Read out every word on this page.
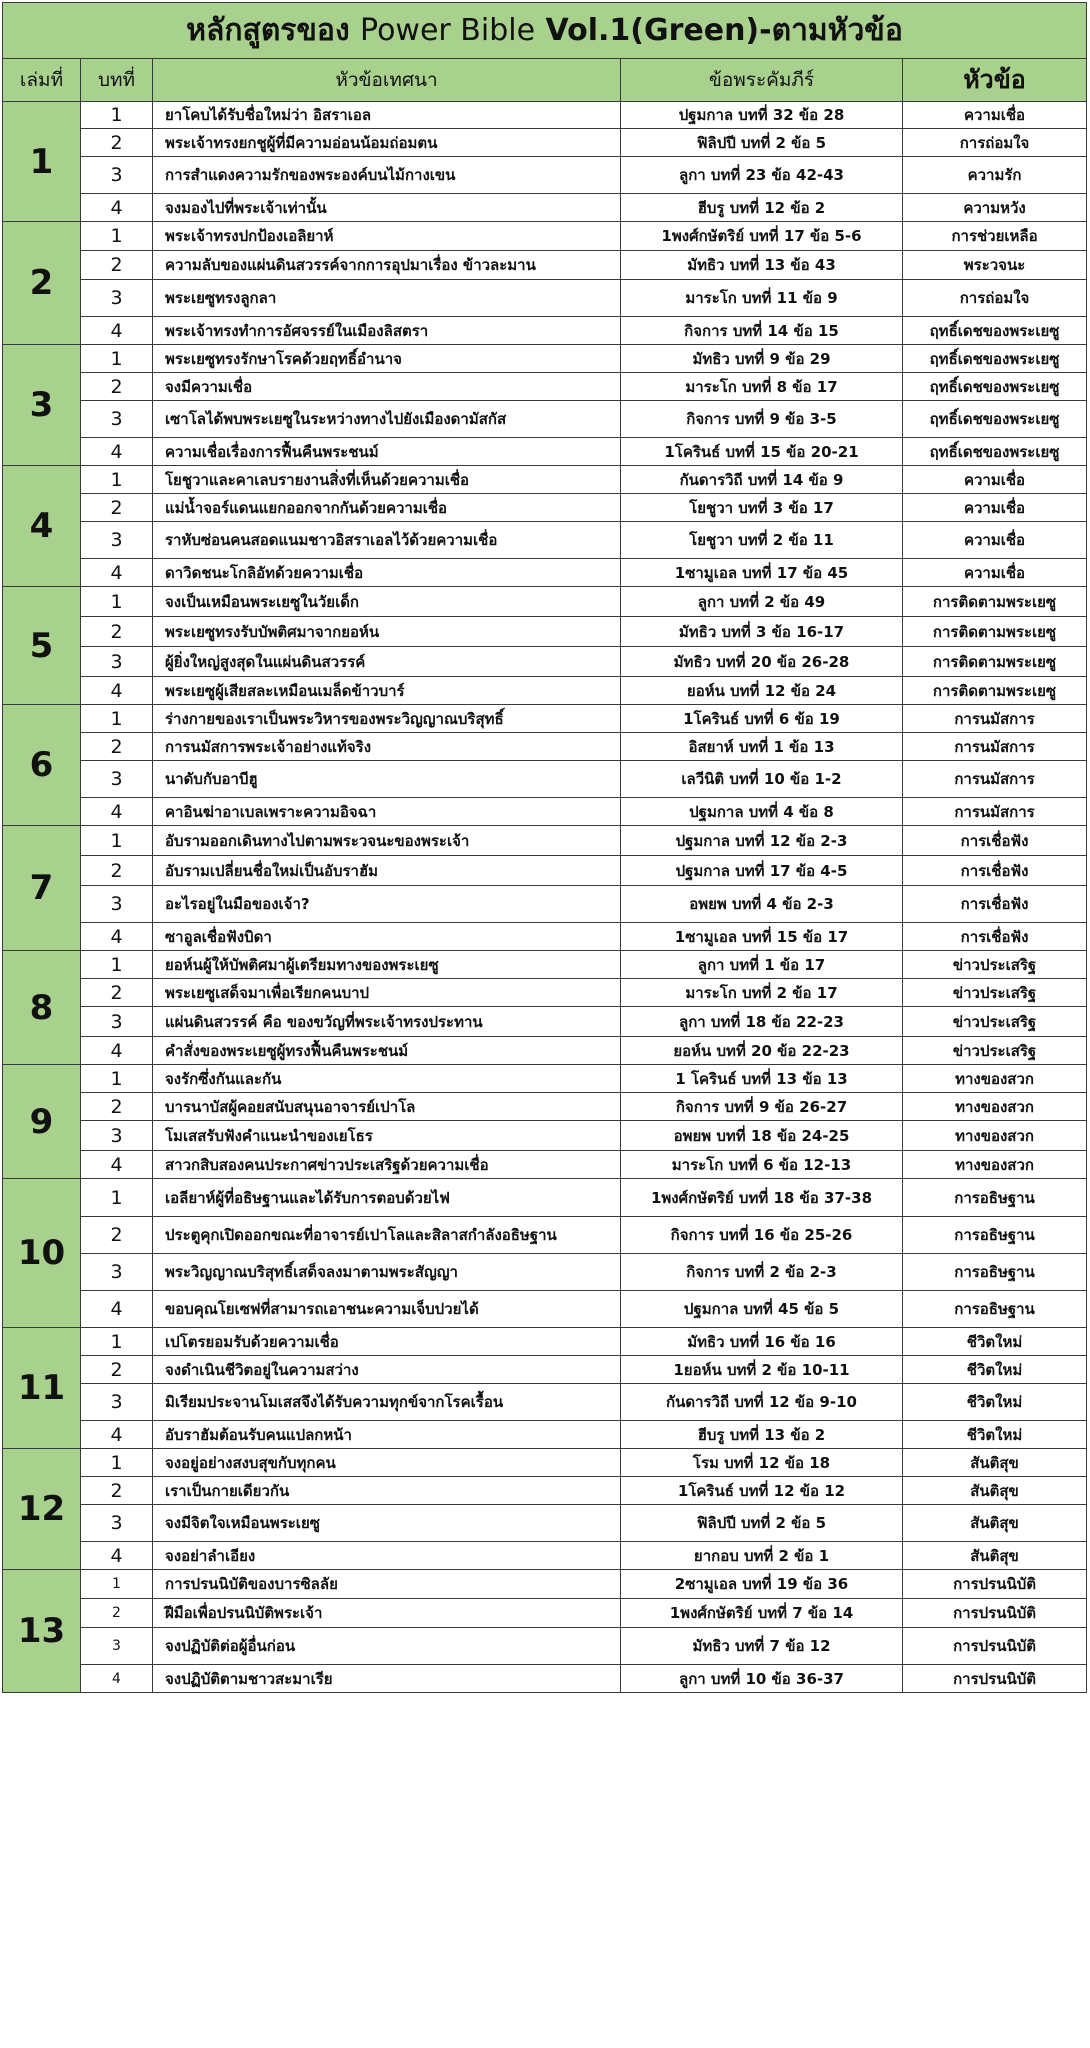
หลักสูตรของ Power Bible Vol.1(Green)-ตามหัวข้อ				
เล่มที่	บทที่	หัวข้อเทศนา	ข้อพระคัมภีร์	หัวข้อ
1	1	ยาโคบได้รับชื่อใหม่ว่า อิสราเอล	ปฐมกาล บทที่ 32 ข้อ 28	ความเชื่อ
	2	พระเจ้าทรงยกชูผู้ที่มีความอ่อนน้อมถ่อมตน	ฟิลิปปี บทที่ 2 ข้อ 5	การถ่อมใจ
	3	การสำแดงความรักของพระองค์บนไม้กางเขน	ลูกา บทที่ 23 ข้อ 42-43	ความรัก
	4	จงมองไปที่พระเจ้าเท่านั้น	ฮีบรู บทที่ 12 ข้อ 2	ความหวัง
2	1	พระเจ้าทรงปกป้องเอลิยาห์	1พงศ์กษัตริย์ บทที่ 17 ข้อ 5-6	การช่วยเหลือ
	2	ความลับของแผ่นดินสวรรค์จากการอุปมาเรื่อง ข้าวละมาน	มัทธิว บทที่ 13 ข้อ 43	พระวจนะ
	3	พระเยซูทรงลูกลา	มาระโก บทที่ 11 ข้อ 9	การถ่อมใจ
	4	พระเจ้าทรงทำการอัศจรรย์ในเมืองลิสตรา	กิจการ บทที่ 14 ข้อ 15	ฤทธิ์เดชของพระเยซู
3	1	พระเยซูทรงรักษาโรคด้วยฤทธิ์อำนาจ	มัทธิว บทที่ 9 ข้อ 29	ฤทธิ์เดชของพระเยซู
	2	จงมีความเชื่อ	มาระโก บทที่ 8 ข้อ 17	ฤทธิ์เดชของพระเยซู
	3	เซาโลได้พบพระเยซูในระหว่างทางไปยังเมืองดามัสกัส	กิจการ บทที่ 9 ข้อ 3-5	ฤทธิ์เดชของพระเยซู
	4	ความเชื่อเรื่องการฟื้นคืนพระชนม์	1โครินธ์ บทที่ 15 ข้อ 20-21	ฤทธิ์เดชของพระเยซู
4	1	โยชูวาและคาเลบรายงานสิ่งที่เห็นด้วยความเชื่อ	กันดารวิถี บทที่ 14 ข้อ 9	ความเชื่อ
	2	แม่น้ำจอร์แดนแยกออกจากกันด้วยความเชื่อ	โยชูวา บทที่ 3 ข้อ 17	ความเชื่อ
	3	ราหับซ่อนคนสอดแนมชาวอิสราเอลไว้ด้วยความเชื่อ	โยชูวา บทที่ 2 ข้อ 11	ความเชื่อ
	4	ดาวิดชนะโกลิอัทด้วยความเชื่อ	1ซามูเอล บทที่ 17 ข้อ 45	ความเชื่อ
5	1	จงเป็นเหมือนพระเยซูในวัยเด็ก	ลูกา บทที่ 2 ข้อ 49	การติดตามพระเยซู
	2	พระเยซูทรงรับบัพติศมาจากยอห์น	มัทธิว บทที่ 3 ข้อ 16-17	การติดตามพระเยซู
	3	ผู้ยิ่งใหญ่สูงสุดในแผ่นดินสวรรค์	มัทธิว บทที่ 20 ข้อ 26-28	การติดตามพระเยซู
	4	พระเยซูผู้เสียสละเหมือนเมล็ดข้าวบาร์	ยอห์น บทที่ 12 ข้อ 24	การติดตามพระเยซู
6	1	ร่างกายของเราเป็นพระวิหารของพระวิญญาณบริสุทธิ์	1โครินธ์ บทที่ 6 ข้อ 19	การนมัสการ
	2	การนมัสการพระเจ้าอย่างแท้จริง	อิสยาห์ บทที่ 1 ข้อ 13	การนมัสการ
	3	นาดับกับอาบีฮู	เลวีนิติ บทที่ 10 ข้อ 1-2	การนมัสการ
	4	คาอินฆ่าอาเบลเพราะความอิจฉา	ปฐมกาล บทที่ 4 ข้อ 8	การนมัสการ
7	1	อับรามออกเดินทางไปตามพระวจนะของพระเจ้า	ปฐมกาล บทที่ 12 ข้อ 2-3	การเชื่อฟัง
	2	อับรามเปลี่ยนชื่อใหม่เป็นอับราฮัม	ปฐมกาล บทที่ 17 ข้อ 4-5	การเชื่อฟัง
	3	อะไรอยู่ในมือของเจ้า?	อพยพ บทที่ 4 ข้อ 2-3	การเชื่อฟัง
	4	ซาอูลเชื่อฟังบิดา	1ซามูเอล บทที่ 15 ข้อ 17	การเชื่อฟัง
8	1	ยอห์นผู้ให้บัพติศมาผู้เตรียมทางของพระเยซู	ลูกา บทที่ 1 ข้อ 17	ข่าวประเสริฐ
	2	พระเยซูเสด็จมาเพื่อเรียกคนบาป	มาระโก บทที่ 2 ข้อ 17	ข่าวประเสริฐ
	3	แผ่นดินสวรรค์ คือ ของขวัญที่พระเจ้าทรงประทาน	ลูกา บทที่ 18 ข้อ 22-23	ข่าวประเสริฐ
	4	คำสั่งของพระเยซูผู้ทรงฟื้นคืนพระชนม์	ยอห์น บทที่ 20 ข้อ 22-23	ข่าวประเสริฐ
9	1	จงรักซึ่งกันและกัน	1 โครินธ์ บทที่ 13 ข้อ 13	ทางของสวก
	2	บารนาบัสผู้คอยสนับสนุนอาจารย์เปาโล	กิจการ บทที่ 9 ข้อ 26-27	ทางของสวก
	3	โมเสสรับฟังคำแนะนำของเยโธร	อพยพ บทที่ 18 ข้อ 24-25	ทางของสวก
	4	สาวกสิบสองคนประกาศข่าวประเสริฐด้วยความเชื่อ	มาระโก บทที่ 6 ข้อ 12-13	ทางของสวก
10	1	เอลียาห์ผู้ที่อธิษฐานและได้รับการตอบด้วยไฟ	1พงศ์กษัตริย์ บทที่ 18 ข้อ 37-38	การอธิษฐาน
	2	ประตูคุกเปิดออกขณะที่อาจารย์เปาโลและสิลาสกำลังอธิษฐาน	กิจการ บทที่ 16 ข้อ 25-26	การอธิษฐาน
	3	พระวิญญาณบริสุทธิ์เสด็จลงมาตามพระสัญญา	กิจการ บทที่ 2 ข้อ 2-3	การอธิษฐาน
	4	ขอบคุณโยเซฟที่สามารถเอาชนะความเจ็บปวยได้	ปฐมกาล บทที่ 45 ข้อ 5	การอธิษฐาน
11	1	เปโตรยอมรับด้วยความเชื่อ	มัทธิว บทที่ 16 ข้อ 16	ชีวิตใหม่
	2	จงดำเนินชีวิตอยู่ในความสว่าง	1ยอห์น บทที่ 2 ข้อ 10-11	ชีวิตใหม่
	3	มิเรียมประจานโมเสสจึงได้รับความทุกข์จากโรคเรื้อน	กันดารวิถี บทที่ 12 ข้อ 9-10	ชีวิตใหม่
	4	อับราฮัมต้อนรับคนแปลกหน้า	ฮีบรู บทที่ 13 ข้อ 2	ชีวิตใหม่
12	1	จงอยู่อย่างสงบสุขกับทุกคน	โรม บทที่ 12 ข้อ 18	สันติสุข
	2	เราเป็นกายเดียวกัน	1โครินธ์ บทที่ 12 ข้อ 12	สันติสุข
	3	จงมีจิตใจเหมือนพระเยซู	ฟิลิปปี บทที่ 2 ข้อ 5	สันติสุข
	4	จงอย่าลำเอียง	ยากอบ บทที่ 2 ข้อ 1	สันติสุข
13	1	การปรนนิบัติของบารซิลลัย	2ซามูเอล บทที่ 19 ข้อ 36	การปรนนิบัติ
	2	ฝีมือเพื่อปรนนิบัติพระเจ้า	1พงศ์กษัตริย์ บทที่ 7 ข้อ 14	การปรนนิบัติ
	3	จงปฏิบัติต่อผู้อื่นก่อน	มัทธิว บทที่ 7 ข้อ 12	การปรนนิบัติ
	4	จงปฏิบัติตามชาวสะมาเรีย	ลูกา บทที่ 10 ข้อ 36-37	การปรนนิบัติ
